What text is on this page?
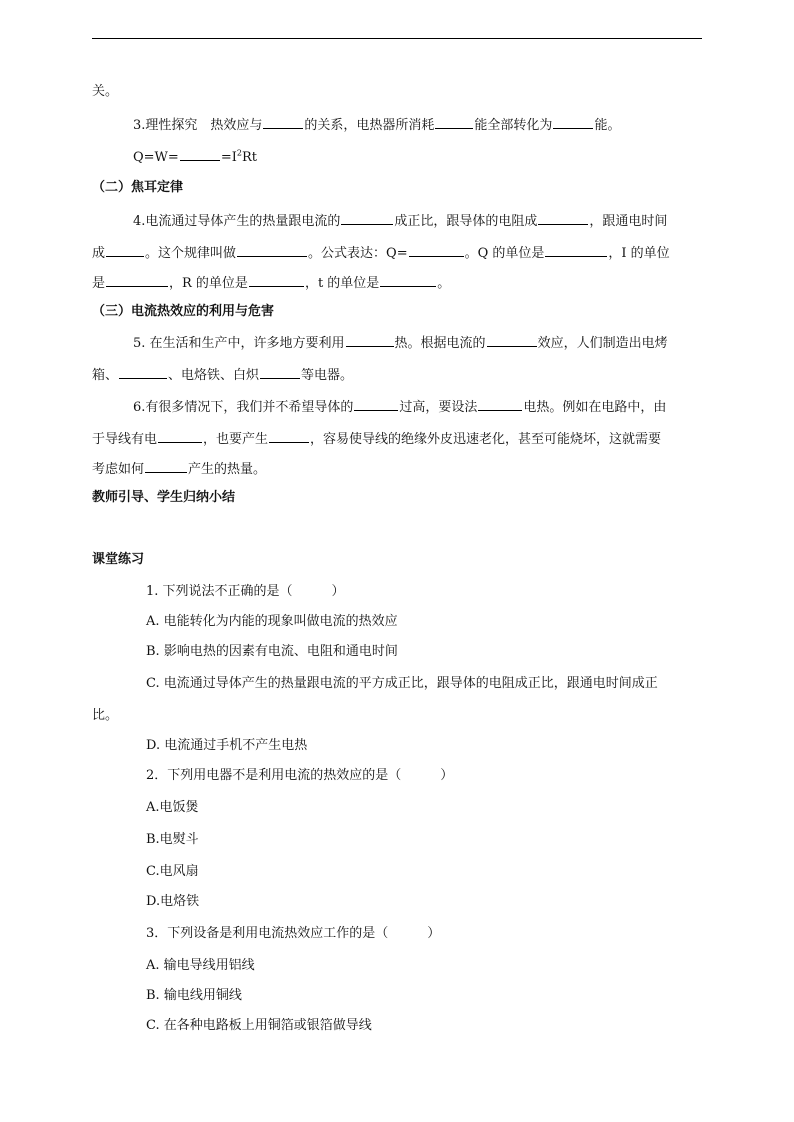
关。
3.理性探究　热效应与	的关系，电热器所消耗	能全部转化为	能。
Q=W=	$=I^2Rt$
（二）焦耳定律
4.电流通过导体产生的热量跟电流的	成正比，跟导体的电阻成	，跟通电时间
成	。这个规律叫做	。公式表达：Q=	。Q 的单位是	，I 的单位
是	，R 的单位是	，t 的单位是	。
（三）电流热效应的利用与危害
5. 在生活和生产中，许多地方要利用	热。根据电流的	效应，人们制造出电烤
箱、	、电烙铁、白炽	等电器。
6.有很多情况下，我们并不希望导体的	过高，要设法	电热。例如在电路中，由
于导线有电	，也要产生	，容易使导线的绝缘外皮迅速老化，甚至可能烧坏，这就需要
考虑如何	产生的热量。
教师引导、学生归纳小结
课堂练习
1. 下列说法不正确的是（　　　）
A. 电能转化为内能的现象叫做电流的热效应
B. 影响电热的因素有电流、电阻和通电时间
C. 电流通过导体产生的热量跟电流的平方成正比，跟导体的电阻成正比，跟通电时间成正
比。
D. 电流通过手机不产生电热
2．下列用电器不是利用电流的热效应的是（　　　）
A.电饭煲
B.电熨斗
C.电风扇
D.电烙铁
3．下列设备是利用电流热效应工作的是（　　　）
A. 输电导线用铝线
B. 输电线用铜线
C. 在各种电路板上用铜箔或银箔做导线
